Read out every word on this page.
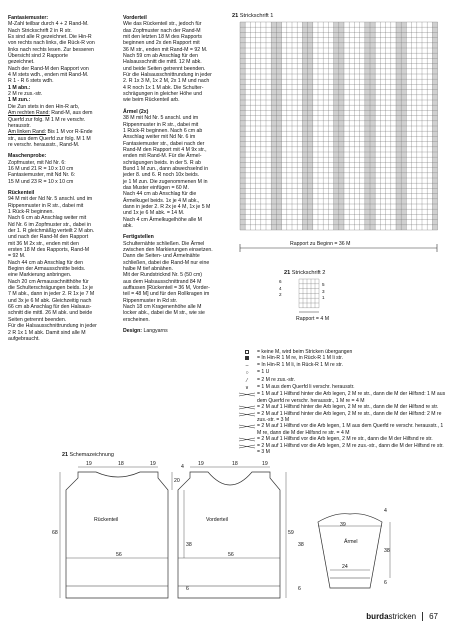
Fantasiemuster:

M-Zahl teilbar durch 4 + 2 Rand-M.

Nach Strickschrift 2 in R str.

Es sind alle R gezeichnet. Die Hin-R

von rechts nach links, die Rück-R von

links nach rechts lesen. Zur besseren

Übersicht sind 2 Rapporte

gezeichnet.

Nach der Rand-M den Rapport von

4 M stets wdh., enden mit Rand-M.

R 1 - R 6 stets wdh.

1 M abn.:

2 M re zus.-str.

1 M zun.:

Die Zun stets in den Hin-R arb,

Am rechten Rand: Rand-M, aus dem

Querfd zur folg. M 1 M re verschr.

herausstr.

Am linken Rand: Bis 1 M vor R-Ende

str., aus dem Querfd zur folg. M 1 M

re verschr. herausstr., Rand-M.

Maschenprobe:

Zopfmuster, mit Nd Nr. 6:

16 M und 21 R = 10 x 10 cm

Fantasiemuster, mit Nd Nr. 6:

15 M und 23 R = 10 x 10 cm

Rückenteil

94 M mit der Nd Nr. 5 anschl. und im

Rippenmuster in R str., dabei mit

1 Rück-R beginnen.

Nach 6 cm ab Anschlag weiter mit

Nd Nr. 6 im Zopfmuster str., dabei in

der 1. R gleichmäßig verteilt 2 M abn.

und nach der Rand-M den Rapport

mit 36 M 2x str., enden mit den

ersten 18 M des Rapports, Rand-M

= 92 M.

Nach 44 cm ab Anschlag für den

Beginn der Armausschnitte beids.

eine Markierung anbringen.

Nach 20 cm Armausschnitthöhe für

die Schulterschrägungen beids. 1x je

7 M abk., dann in jeder 2. R 1x je 7 M

und 3x je 6 M abk. Gleichzeitig nach

66 cm ab Anschlag für den Halsaus-

schnitt die mittl. 26 M abk. und beide

Seiten getrennt beenden.

Für die Halsausschnittrundung in jeder

2 R 1x 1 M abk. Damit sind alle M

aufgebraucht.

Vorderteil

Wie das Rückenteil str., jedoch für

das Zopfmuster nach der Rand-M

mit den letzten 18 M des Rapports

beginnen und 2x den Rapport mit

36 M str., enden mit Rand-M = 92 M.

Nach 59 cm ab Anschlag für den

Halsausschnitt die mittl. 12 M abk.

und beide Seiten getrennt beenden.

Für die Halsausschnittrundung in jeder

2. R 1x 3 M, 1x 2 M, 2x 1 M und nach

4 R noch 1x 1 M abk. Die Schulter-

schrägungen in gleicher Höhe und

wie beim Rückenteil arb.

Ärmel (2x)

38 M mit Nd Nr. 5 anschl. und im

Rippenmuster in R str., dabei mit

1 Rück-R beginnen. Nach 6 cm ab

Anschlag weiter mit Nd Nr. 6 im

Fantasiemuster str., dabei nach der

Rand-M den Rapport mit 4 M 9x str.,

enden mit Rand-M. Für die Ärmel-

schrägungen beids. in der 5. R ab

Bund 1 M zun., dann abwechselnd in

jeder 8. und 6. R noch 10x beids.

je 1 M zun. Die zugenommenen M in

das Muster einfügen = 60 M.

Nach 44 cm ab Anschlag für die

Ärmelkugel beids. 1x je 4 M abk.,

dann in jeder 2. R 2x je 4 M, 1x je 5 M

und 1x je 6 M abk. = 14 M.

Nach 4 cm Ärmelkugelhöhe alle M

abk.

Fertigstellen

Schulternähte schließen. Die Ärmel

zwischen den Markierungen einsetzen.

Dann die Seiten- und Ärmelnähte

schließen, dabei die Rand-M nur eine

halbe M tief abnähen.

Mit der Rundstricknd Nr. 5 (50 cm)

aus dem Halsausschnittrand 84 M

auffassen [Rückenteil = 36 M, Vorder-

teil = 48 M] und für den Rollkragen im

Rippenmuster in Rd str.

Nach 18 cm Kragenenhöhe alle M

locker abk., dabei die M str., wie sie

erscheinen.

Design: Langyarns

21 Strickschrift 1
Rapport zu Beginn = 36 M
21 Strickschrift 2
6
4
2
5
3
1
Rapport = 4 M
= keine M, wird beim Stricken übergangen
= In Hin-R 1 M re, in Rück-R 1 M li str.
–	= In Hin-R 1 M li, in Rück-R 1 M re str.
○	= 1 U
⁄	= 2 M re zus.-str.
∨	= 1 M aus dem Querfd li verschr. herausstr.
= 1 M auf 1 Hilfsnd hinter die Arb legen, 2 M re str., dann die M der Hilfsnd: 1 M aus dem Querfd re verschr. herausstr., 1 M re = 4 M
= 2 M auf 1 Hilfsnd hinter die Arb legen, 2 M re str., dann die M der Hilfsnd re str.
= 2 M auf 1 Hilfsnd hinter die Arb legen, 2 M re str., dann die M der Hilfsnd: 2 M re zus.-str. = 3 M
= 2 M auf 1 Hilfsnd vor die Arb legen, 1 M aus dem Querfd re verschr. herausstr., 1 M re, dann die M der Hilfsnd re str. = 4 M
= 2 M auf 1 Hilfsnd vor die Arb legen, 2 M re str., dann die M der Hilfsnd re str.
= 2 M auf 1 Hilfsnd vor die Arb legen, 2 M re zus.-str., dann die M der Hilfsnd re str. = 3 M
21 Schemazeichnung
19	18	19	19	18	19
Rückenteil	Vorderteil
Ärmel
56	56
68	59
20
4
38	38
6	6
39
24
4
38
6
burdastricken 67
